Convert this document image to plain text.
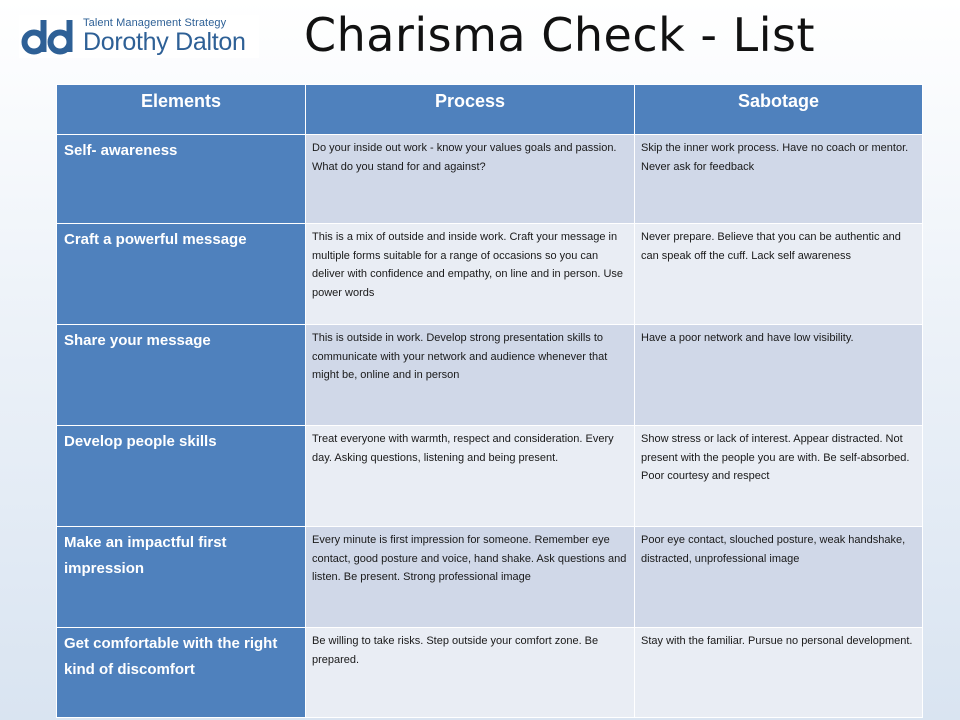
Talent Management Strategy
Dorothy Dalton Charisma Check - List
Elements	Process	Sabotage
Self- awareness	Do your inside out work - know your values goals and passion. What do you stand for and against?	Skip the inner work process. Have no coach or mentor. Never ask for feedback
Craft a powerful message	This is a mix of outside and inside work. Craft your message in multiple forms suitable for a range of occasions so you can deliver with confidence and empathy, on line and in person. Use power words	Never prepare. Believe that you can be authentic and can speak off the cuff. Lack self awareness
Share your message	This is outside in work. Develop strong presentation skills to communicate with your network and audience whenever that might be, online and in person	Have a poor network and have low visibility.
Develop people skills	Treat everyone with warmth, respect and consideration. Every day. Asking questions, listening and being present.	Show stress or lack of interest. Appear distracted. Not present with the people you are with. Be self-absorbed. Poor courtesy and respect
Make an impactful first impression	Every minute is first impression for someone. Remember eye contact, good posture and voice, hand shake. Ask questions and listen. Be present. Strong professional image	Poor eye contact, slouched posture, weak handshake, distracted, unprofessional image
Get comfortable with the right kind of discomfort	Be willing to take risks. Step outside your comfort zone. Be prepared.	Stay with the familiar. Pursue no personal development.
